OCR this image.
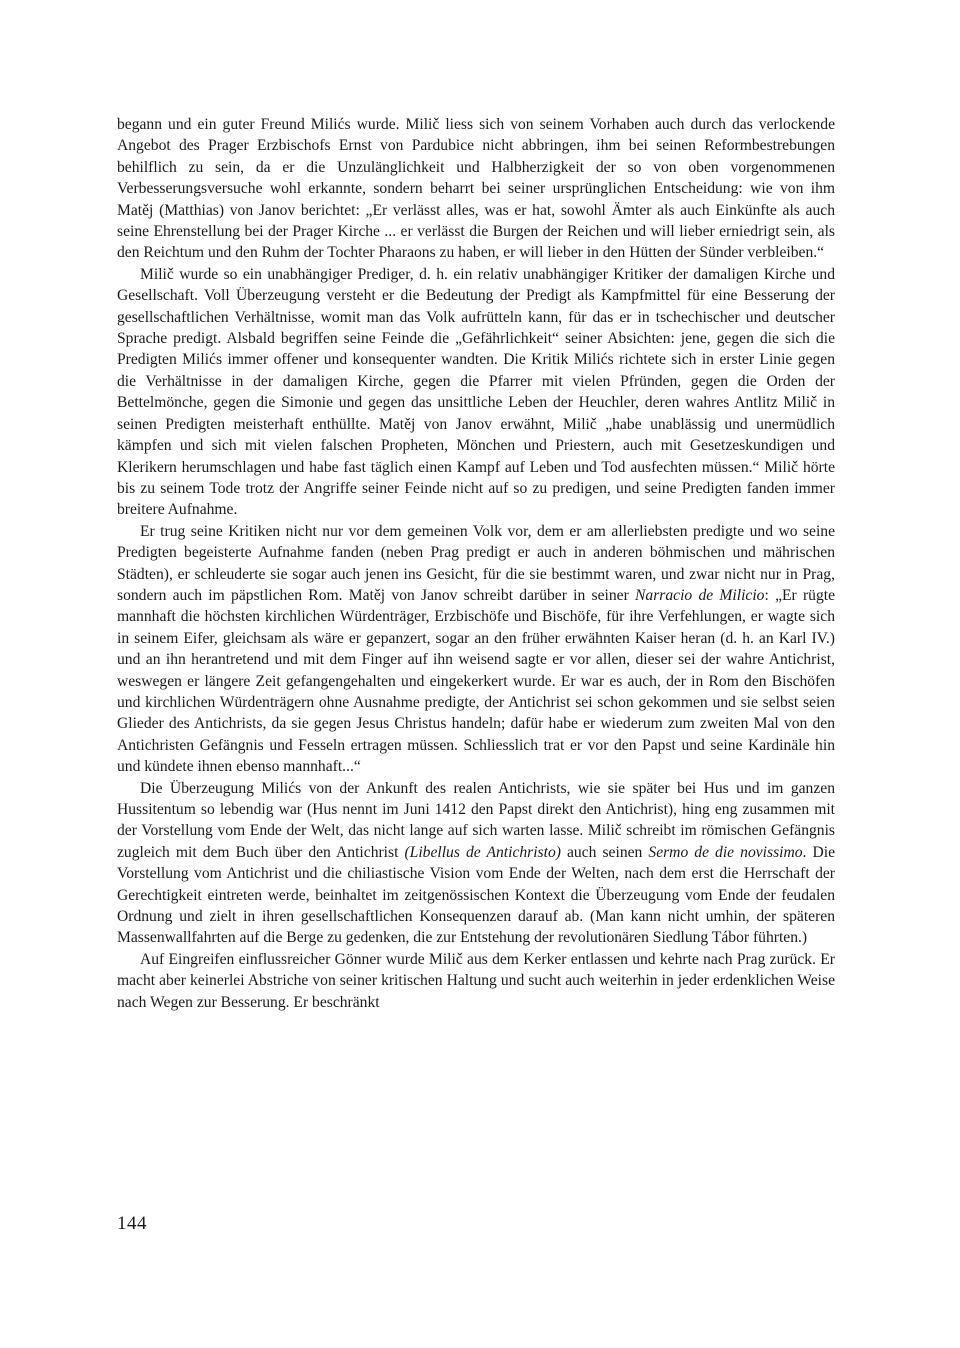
begann und ein guter Freund Milićs wurde. Milič liess sich von seinem Vorhaben auch durch das verlockende Angebot des Prager Erzbischofs Ernst von Pardubice nicht abbringen, ihm bei seinen Reformbestrebungen behilflich zu sein, da er die Unzulänglichkeit und Halbherzigkeit der so von oben vorgenommenen Verbesserungsversuche wohl erkannte, sondern beharrt bei seiner ursprünglichen Entscheidung: wie von ihm Matěj (Matthias) von Janov berichtet: „Er verlässt alles, was er hat, sowohl Ämter als auch Einkünfte als auch seine Ehrenstellung bei der Prager Kirche ... er verlässt die Burgen der Reichen und will lieber erniedrigt sein, als den Reichtum und den Ruhm der Tochter Pharaons zu haben, er will lieber in den Hütten der Sünder verbleiben.“

Milič wurde so ein unabhängiger Prediger, d. h. ein relativ unabhängiger Kritiker der damaligen Kirche und Gesellschaft. Voll Überzeugung versteht er die Bedeutung der Predigt als Kampfmittel für eine Besserung der gesellschaftlichen Verhältnisse, womit man das Volk aufrütteln kann, für das er in tschechischer und deutscher Sprache predigt. Alsbald begriffen seine Feinde die „Gefährlichkeit“ seiner Absichten: jene, gegen die sich die Predigten Milićs immer offener und konsequenter wandten. Die Kritik Milićs richtete sich in erster Linie gegen die Verhältnisse in der damaligen Kirche, gegen die Pfarrer mit vielen Pfründen, gegen die Orden der Bettelmönche, gegen die Simonie und gegen das unsittliche Leben der Heuchler, deren wahres Antlitz Milič in seinen Predigten meisterhaft enthüllte. Matěj von Janov erwähnt, Milič „habe unablässig und unermüdlich kämpfen und sich mit vielen falschen Propheten, Mönchen und Priestern, auch mit Gesetzeskundigen und Klerikern herumschlagen und habe fast täglich einen Kampf auf Leben und Tod ausfechten müssen.“ Milič hörte bis zu seinem Tode trotz der Angriffe seiner Feinde nicht auf so zu predigen, und seine Predigten fanden immer breitere Aufnahme.

Er trug seine Kritiken nicht nur vor dem gemeinen Volk vor, dem er am allerliebsten predigte und wo seine Predigten begeisterte Aufnahme fanden (neben Prag predigt er auch in anderen böhmischen und mährischen Städten), er schleuderte sie sogar auch jenen ins Gesicht, für die sie bestimmt waren, und zwar nicht nur in Prag, sondern auch im päpstlichen Rom. Matěj von Janov schreibt darüber in seiner Narracio de Milicio: „Er rügte mannhaft die höchsten kirchlichen Würdenträger, Erzbischöfe und Bischöfe, für ihre Verfehlungen, er wagte sich in seinem Eifer, gleichsam als wäre er gepanzert, sogar an den früher erwähnten Kaiser heran (d. h. an Karl IV.) und an ihn herantretend und mit dem Finger auf ihn weisend sagte er vor allen, dieser sei der wahre Antichrist, weswegen er längere Zeit gefangengehalten und eingekerkert wurde. Er war es auch, der in Rom den Bischöfen und kirchlichen Würdenträgern ohne Ausnahme predigte, der Antichrist sei schon gekommen und sie selbst seien Glieder des Antichrists, da sie gegen Jesus Christus handeln; dafür habe er wiederum zum zweiten Mal von den Antichristen Gefängnis und Fesseln ertragen müssen. Schliesslich trat er vor den Papst und seine Kardinäle hin und kündete ihnen ebenso mannhaft...“

Die Überzeugung Milićs von der Ankunft des realen Antichrists, wie sie später bei Hus und im ganzen Hussitentum so lebendig war (Hus nennt im Juni 1412 den Papst direkt den Antichrist), hing eng zusammen mit der Vorstellung vom Ende der Welt, das nicht lange auf sich warten lasse. Milič schreibt im römischen Gefängnis zugleich mit dem Buch über den Antichrist (Libellus de Antichristo) auch seinen Sermo de die novissimo. Die Vorstellung vom Antichrist und die chiliastische Vision vom Ende der Welten, nach dem erst die Herrschaft der Gerechtigkeit eintreten werde, beinhaltet im zeitgenössischen Kontext die Überzeugung vom Ende der feudalen Ordnung und zielt in ihren gesellschaftlichen Konsequenzen darauf ab. (Man kann nicht umhin, der späteren Massenwallfahrten auf die Berge zu gedenken, die zur Entstehung der revolutionären Siedlung Tábor führten.)

Auf Eingreifen einflussreicher Gönner wurde Milič aus dem Kerker entlassen und kehrte nach Prag zurück. Er macht aber keinerlei Abstriche von seiner kritischen Haltung und sucht auch weiterhin in jeder erdenklichen Weise nach Wegen zur Besserung. Er beschränkt

144
